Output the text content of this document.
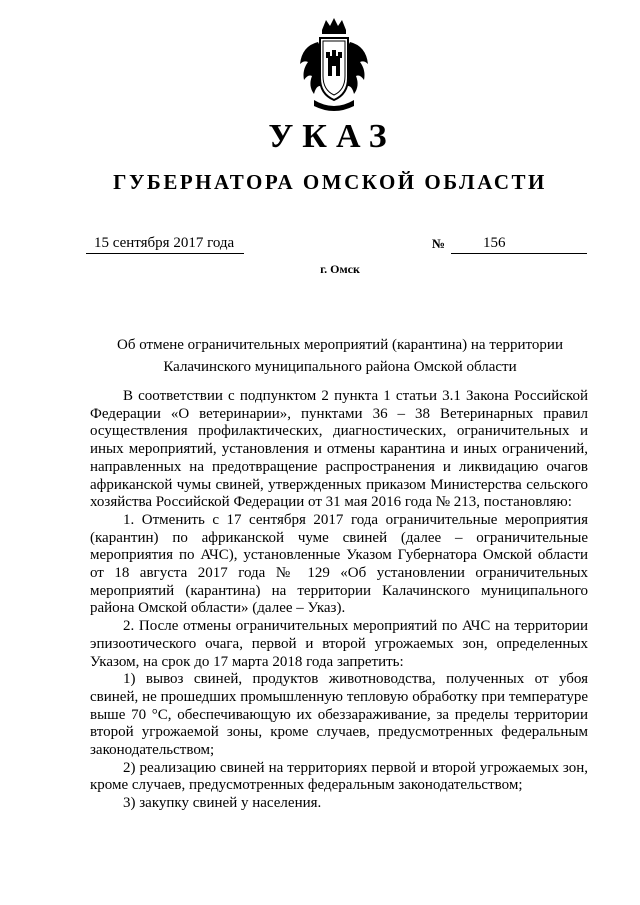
УКАЗ
ГУБЕРНАТОРА ОМСКОЙ ОБЛАСТИ
15 сентября 2017 года	№	156
г. Омск
Об отмене ограничительных мероприятий (карантина) на территории
Калачинского муниципального района Омской области

В соответствии с подпунктом 2 пункта 1 статьи 3.1 Закона Российской Федерации «О ветеринарии», пунктами 36 – 38 Ветеринарных правил осуществления профилактических, диагностических, ограничительных и иных мероприятий, установления и отмены карантина и иных ограничений, направленных на предотвращение распространения и ликвидацию очагов африканской чумы свиней, утвержденных приказом Министерства сельского хозяйства Российской Федерации от 31 мая 2016 года № 213, постановляю:

1. Отменить с 17 сентября 2017 года ограничительные мероприятия (карантин) по африканской чуме свиней (далее – ограничительные мероприятия по АЧС), установленные Указом Губернатора Омской области от 18 августа 2017 года № 129 «Об установлении ограничительных мероприятий (карантина) на территории Калачинского муниципального района Омской области» (далее – Указ).

2. После отмены ограничительных мероприятий по АЧС на территории эпизоотического очага, первой и второй угрожаемых зон, определенных Указом, на срок до 17 марта 2018 года запретить:

1) вывоз свиней, продуктов животноводства, полученных от убоя свиней, не прошедших промышленную тепловую обработку при температуре выше 70 °С, обеспечивающую их обеззараживание, за пределы территории второй угрожаемой зоны, кроме случаев, предусмотренных федеральным законодательством;

2) реализацию свиней на территориях первой и второй угрожаемых зон, кроме случаев, предусмотренных федеральным законодательством;

3) закупку свиней у населения.
